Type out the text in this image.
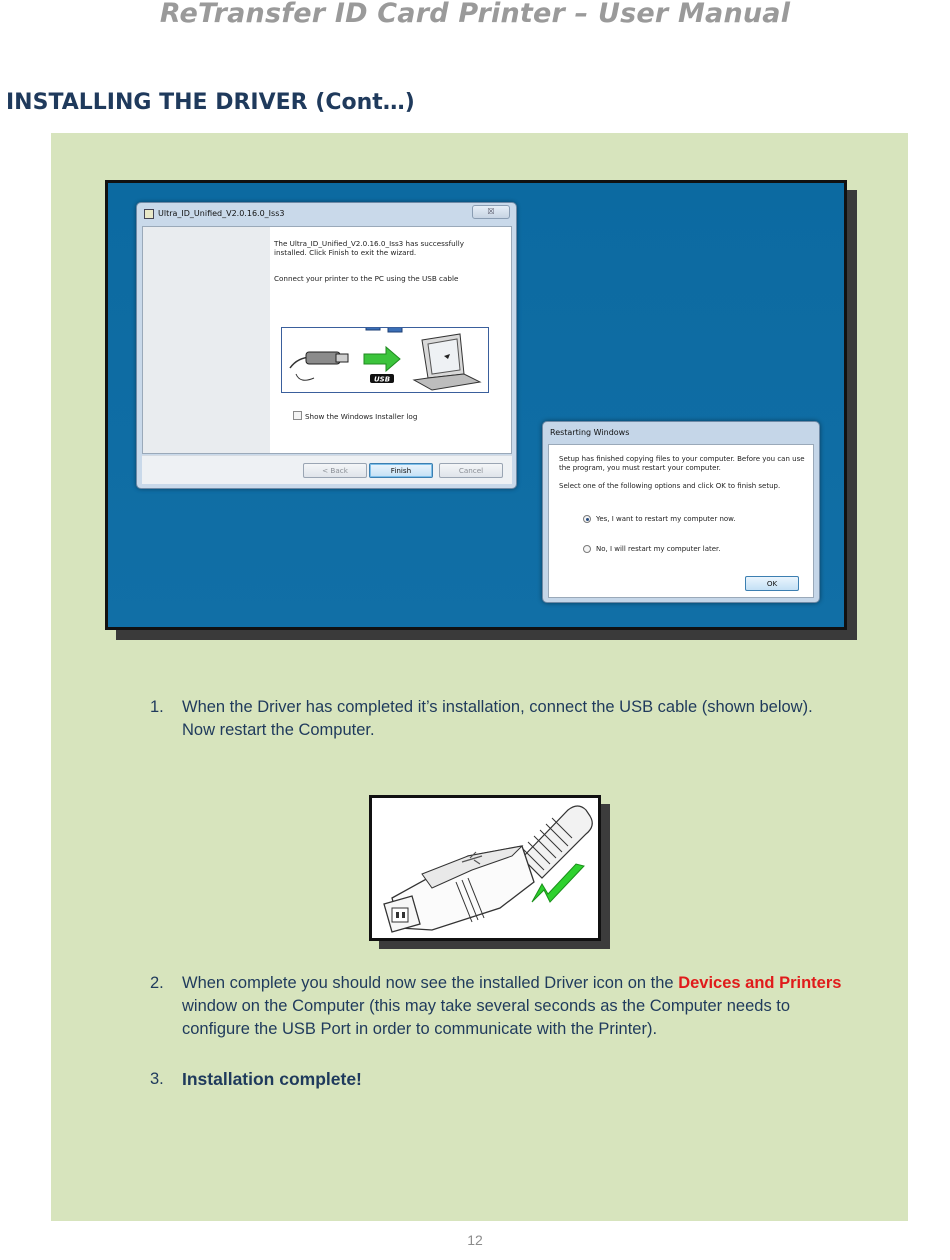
ReTransfer ID Card Printer – User Manual
INSTALLING THE DRIVER (Cont…)
Ultra_ID_Unified_V2.0.16.0_Iss3	☒
The Ultra_ID_Unified_V2.0.16.0_Iss3 has successfully installed. Click Finish to exit the wizard.
Connect your printer to the PC using the USB cable
USB
Show the Windows Installer log
< Back	Finish	Cancel
Restarting Windows
Setup has finished copying files to your computer. Before you can use the program, you must restart your computer.
Select one of the following options and click OK to finish setup.
Yes, I want to restart my computer now.
No, I will restart my computer later.
OK
1. When the Driver has completed it’s installation, connect the USB cable (shown below). Now restart the Computer.
2. When complete you should now see the installed Driver icon on the Devices and Printers window on the Computer (this may take several seconds as the Computer needs to configure the USB Port in order to communicate with the Printer).
3. Installation complete!
12
